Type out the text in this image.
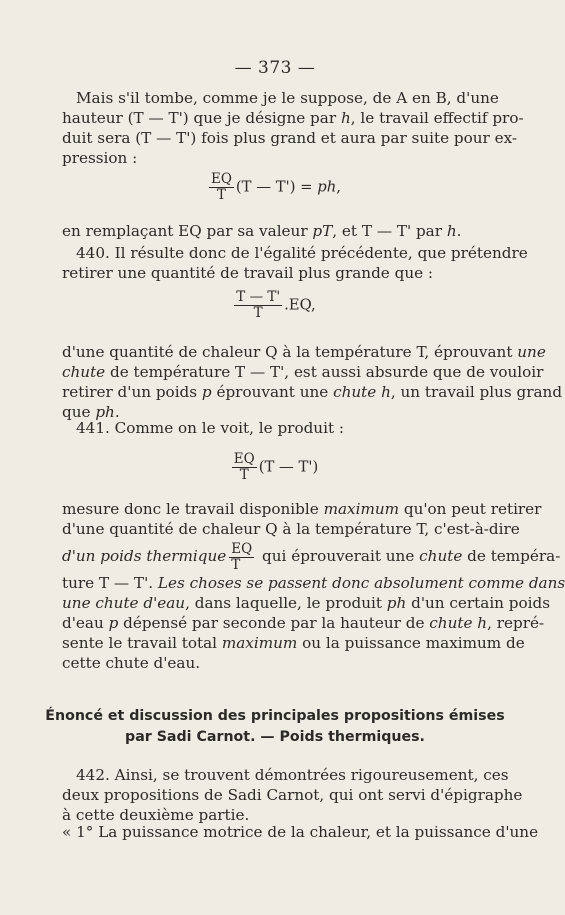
— 373 —
Mais s'il tombe, comme je le suppose, de A en B, d'une
hauteur (T — T') que je désigne par h, le travail effectif pro-
duit sera (T — T') fois plus grand et aura par suite pour ex-
pression :
$\frac{EQ}{T} (T$ — T') = ph,
en remplaçant EQ par sa valeur pT, et T — T' par h.
440. Il résulte donc de l'égalité précédente, que prétendre
retirer une quantité de travail plus grande que :
$\frac{T — T'}{T} .EQ$,
d'une quantité de chaleur Q à la température T, éprouvant une
chute de température T — T', est aussi absurde que de vouloir
retirer d'un poids p éprouvant une chute h, un travail plus grand
que ph.
441. Comme on le voit, le produit :
$\frac{EQ}{T} (T$ — T')
mesure donc le travail disponible maximum qu'on peut retirer
d'une quantité de chaleur Q à la température T, c'est-à-dire
d'un poids thermique $\frac{EQ}{T}$ qui éprouverait une chute de tempéra-
ture T — T'. Les choses se passent donc absolument comme dans
une chute d'eau, dans laquelle, le produit ph d'un certain poids
d'eau p dépensé par seconde par la hauteur de chute h, repré-
sente le travail total maximum ou la puissance maximum de
cette chute d'eau.
Énoncé et discussion des principales propositions émises
par Sadi Carnot. — Poids thermiques.
442. Ainsi, se trouvent démontrées rigoureusement, ces
deux propositions de Sadi Carnot, qui ont servi d'épigraphe
à cette deuxième partie.
« 1° La puissance motrice de la chaleur, et la puissance d'une
